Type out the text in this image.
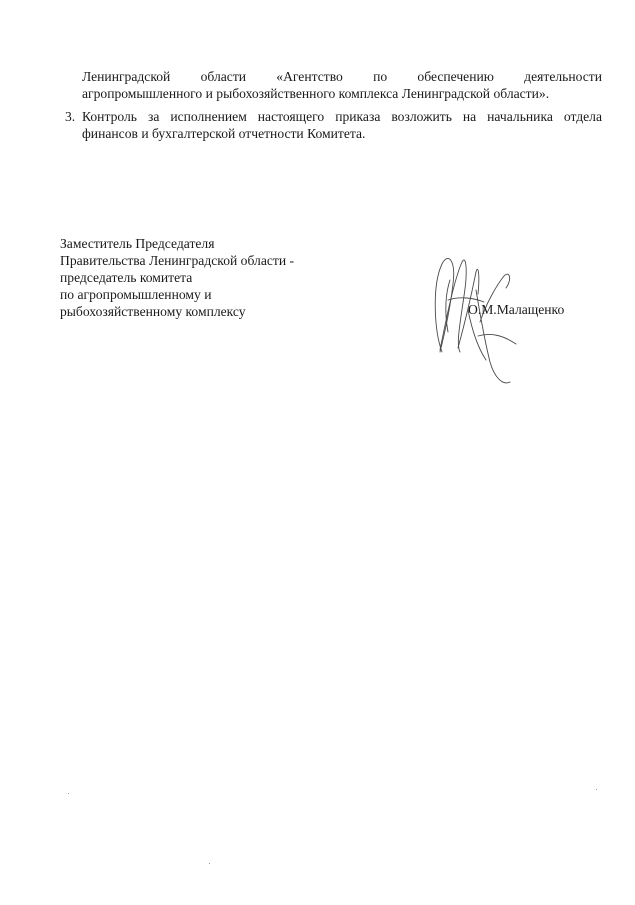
Ленинградской области «Агентство по обеспечению деятельности
агропромышленного и рыбохозяйственного комплекса Ленинградской области».
3. Контроль за исполнением настоящего приказа возложить на начальника отдела
финансов и бухгалтерской отчетности Комитета.
Заместитель Председателя
Правительства Ленинградской области -
председатель комитета
по агропромышленному и
рыбохозяйственному комплексу	О.М.Малащенко
